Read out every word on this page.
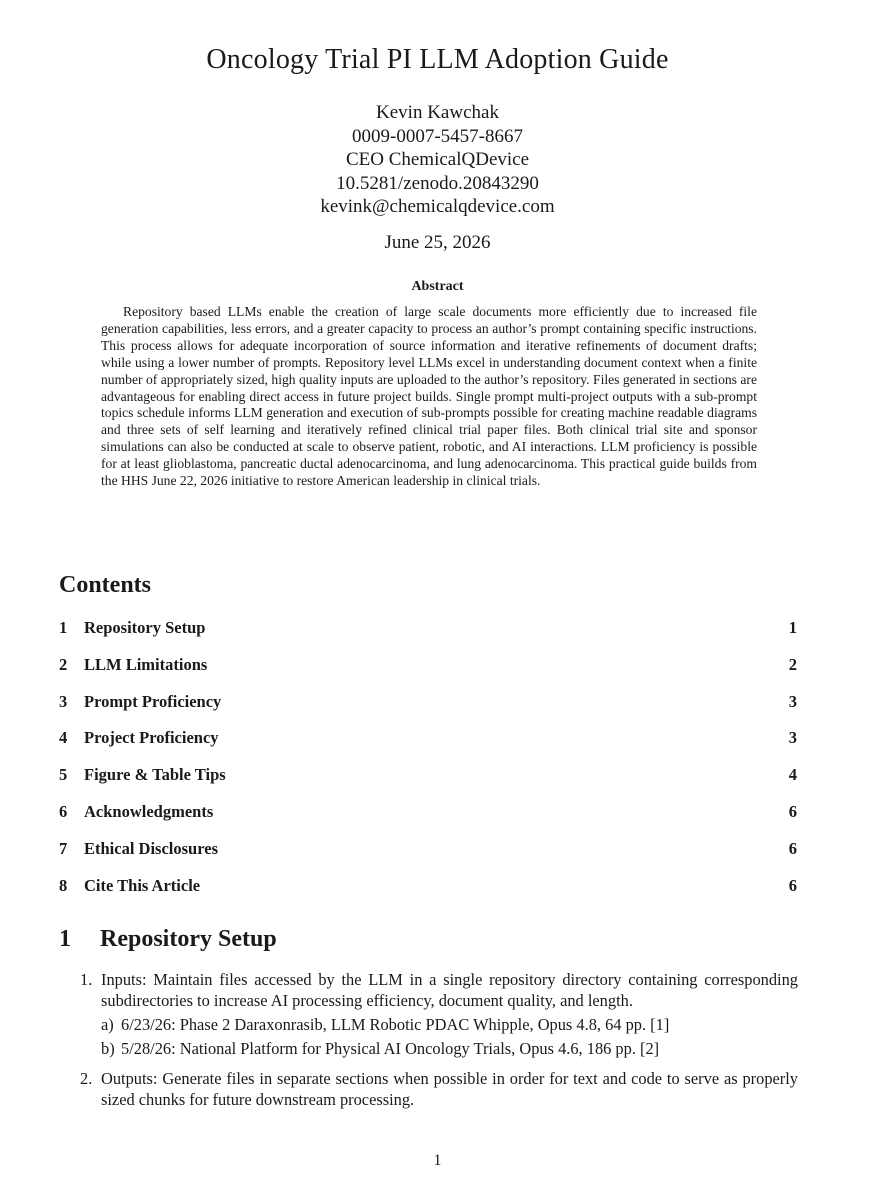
Oncology Trial PI LLM Adoption Guide
Kevin Kawchak
0009-0007-5457-8667
CEO ChemicalQDevice
10.5281/zenodo.20843290
kevink@chemicalqdevice.com
June 25, 2026
Abstract
Repository based LLMs enable the creation of large scale documents more efficiently due to increased file generation capabilities, less errors, and a greater capacity to process an author’s prompt containing specific instructions. This process allows for adequate incorporation of source information and iterative refinements of document drafts; while using a lower number of prompts. Repository level LLMs excel in understanding document context when a finite number of appropriately sized, high quality inputs are uploaded to the author’s repository. Files generated in sections are advantageous for enabling direct access in future project builds. Single prompt multi-project outputs with a sub-prompt topics schedule informs LLM generation and execution of sub-prompts possible for creating machine readable diagrams and three sets of self learning and iteratively refined clinical trial paper files. Both clinical trial site and sponsor simulations can also be conducted at scale to observe patient, robotic, and AI interactions. LLM proficiency is possible for at least glioblastoma, pancreatic ductal adenocarcinoma, and lung adenocarcinoma. This practical guide builds from the HHS June 22, 2026 initiative to restore American leadership in clinical trials.
Contents
1 Repository Setup	1
2 LLM Limitations	2
3 Prompt Proficiency	3
4 Project Proficiency	3
5 Figure & Table Tips	4
6 Acknowledgments	6
7 Ethical Disclosures	6
8 Cite This Article	6
1 Repository Setup
1. Inputs: Maintain files accessed by the LLM in a single repository directory containing corresponding subdirectories to increase AI processing efficiency, document quality, and length.
a) 6/23/26: Phase 2 Daraxonrasib, LLM Robotic PDAC Whipple, Opus 4.8, 64 pp. [1]
b) 5/28/26: National Platform for Physical AI Oncology Trials, Opus 4.6, 186 pp. [2]
2. Outputs: Generate files in separate sections when possible in order for text and code to serve as properly sized chunks for future downstream processing.
1
